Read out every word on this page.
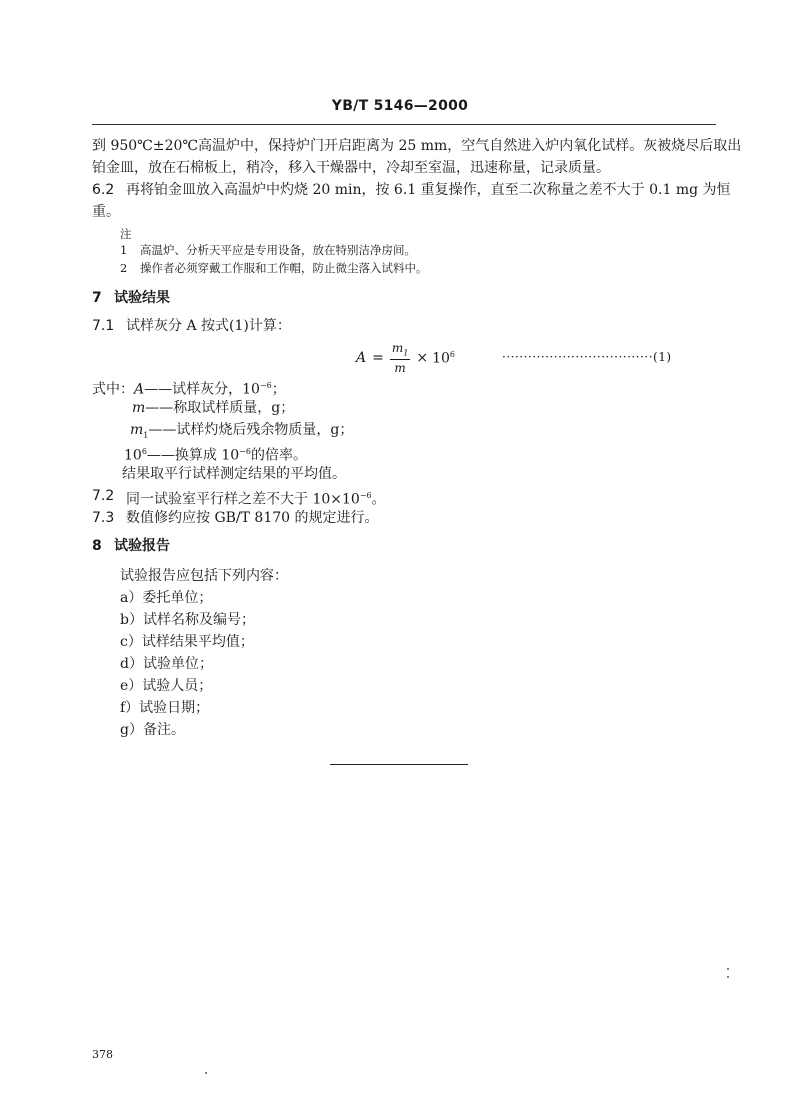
YB/T 5146—2000
到 950℃±20℃高温炉中，保持炉门开启距离为 25 mm，空气自然进入炉内氧化试样。灰被烧尽后取出
铂金皿，放在石棉板上，稍冷，移入干燥器中，冷却至室温，迅速称量，记录质量。
6.2 再将铂金皿放入高温炉中灼烧 20 min，按 6.1 重复操作，直至二次称量之差不大于 0.1 mg 为恒
重。
注
1 高温炉、分析天平应是专用设备，放在特别洁净房间。
2 操作者必须穿戴工作服和工作帽，防止微尘落入试料中。
7 试验结果
7.1 试样灰分 A 按式(1)计算：
$A = \frac{m_1}{m} \times 10^6$	···································(1)
式中：A——试样灰分，$10^{-6}$；
m——称取试样质量，g；
$m_1——$试样灼烧后残余物质量，g；
$10^6——$换算成 $10^{-6}$的倍率。
结果取平行试样测定结果的平均值。
7.2 同一试验室平行样之差不大于 $10\times 10^{-6}$。
7.3 数值修约应按 GB/T 8170 的规定进行。
8 试验报告
试验报告应包括下列内容：
a）委托单位；
b）试样名称及编号；
c）试样结果平均值；
d）试验单位；
e）试验人员；
f）试验日期；
g）备注。
378
